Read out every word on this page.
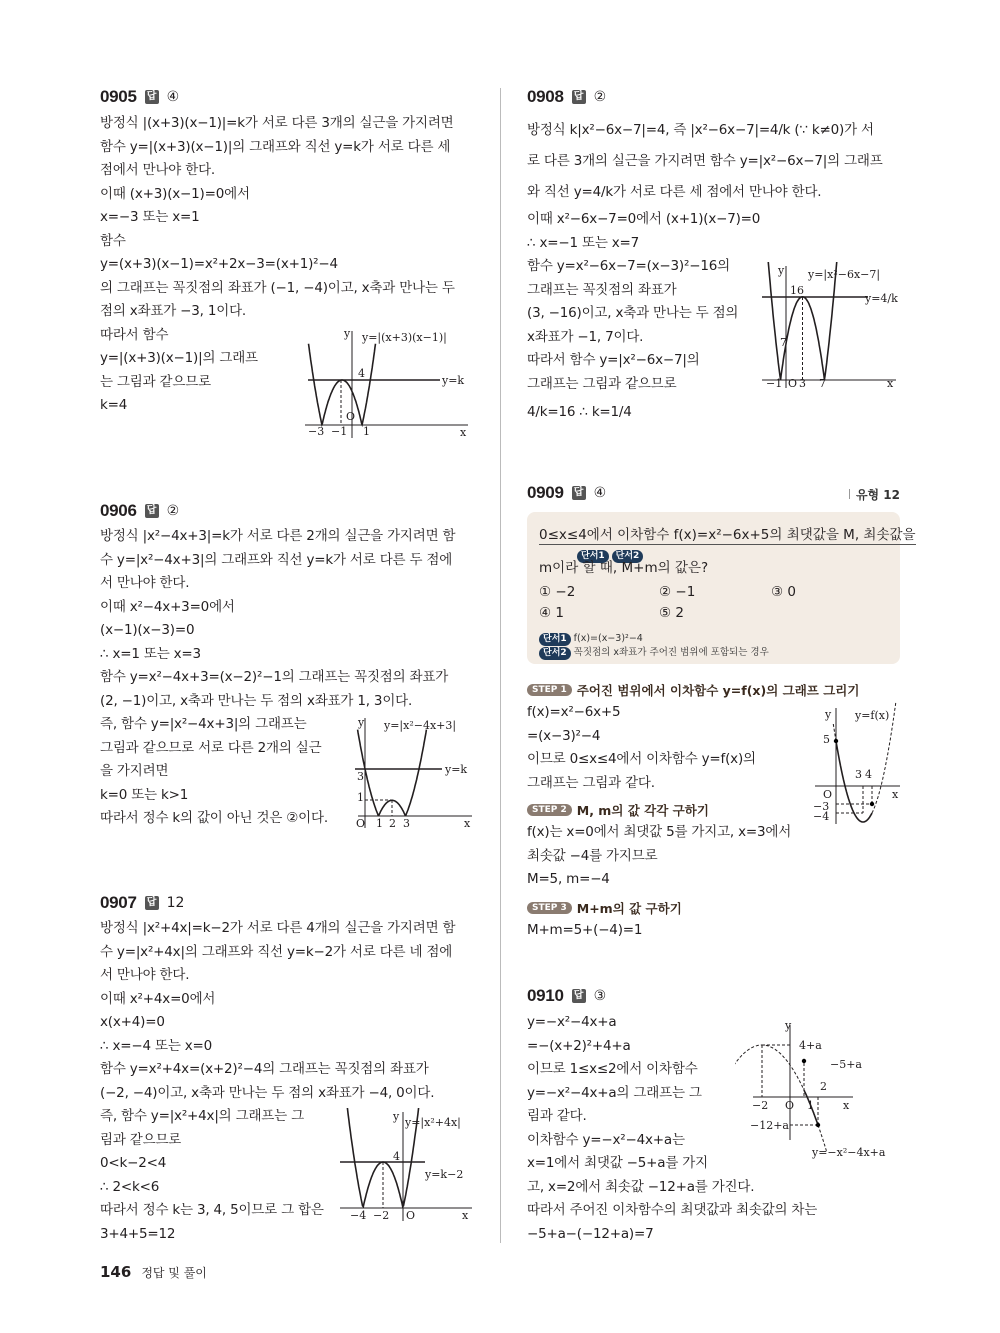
0905 답 ④
방정식 |(x+3)(x−1)|=k가 서로 다른 3개의 실근을 가지려면
함수 y=|(x+3)(x−1)|의 그래프와 직선 y=k가 서로 다른 세
점에서 만나야 한다.
이때 (x+3)(x−1)=0에서
x=−3 또는 x=1
함수
y=(x+3)(x−1)=x²+2x−3=(x+1)²−4
의 그래프는 꼭짓점의 좌표가 (−1, −4)이고, x축과 만나는 두
점의 x좌표가 −3, 1이다.
따라서 함수
y=|(x+3)(x−1)|의 그래프
는 그림과 같으므로
k=4
y y=|(x+3)(x−1)|
y=k
4
O
−3 −1 1	x
0906 답 ②
방정식 |x²−4x+3|=k가 서로 다른 2개의 실근을 가지려면 함
수 y=|x²−4x+3|의 그래프와 직선 y=k가 서로 다른 두 점에
서 만나야 한다.
이때 x²−4x+3=0에서
(x−1)(x−3)=0
∴ x=1 또는 x=3
함수 y=x²−4x+3=(x−2)²−1의 그래프는 꼭짓점의 좌표가
(2, −1)이고, x축과 만나는 두 점의 x좌표가 1, 3이다.
즉, 함수 y=|x²−4x+3|의 그래프는
그림과 같으므로 서로 다른 2개의 실근
을 가지려면
k=0 또는 k>1
따라서 정수 k의 값이 아닌 것은 ②이다.
y y=|x²−4x+3|
y=k
3
1
O 1 2 3	x
0907 답 12
방정식 |x²+4x|=k−2가 서로 다른 4개의 실근을 가지려면 함
수 y=|x²+4x|의 그래프와 직선 y=k−2가 서로 다른 네 점에
서 만나야 한다.
이때 x²+4x=0에서
x(x+4)=0
∴ x=−4 또는 x=0
함수 y=x²+4x=(x+2)²−4의 그래프는 꼭짓점의 좌표가
(−2, −4)이고, x축과 만나는 두 점의 x좌표가 −4, 0이다.
즉, 함수 y=|x²+4x|의 그래프는 그
림과 같으므로
0<k−2<4
∴ 2<k<6
따라서 정수 k는 3, 4, 5이므로 그 합은
3+4+5=12
y y=|x²+4x|
y=k−2
4
O
−4 −2	x
0908 답 ②
방정식 k|x²−6x−7|=4, 즉 |x²−6x−7|=4/k (∵ k≠0)가 서
로 다른 3개의 실근을 가지려면 함수 y=|x²−6x−7|의 그래프
와 직선 y=4/k가 서로 다른 세 점에서 만나야 한다.
이때 x²−6x−7=0에서 (x+1)(x−7)=0
∴ x=−1 또는 x=7
함수 y=x²−6x−7=(x−3)²−16의
그래프는 꼭짓점의 좌표가
(3, −16)이고, x축과 만나는 두 점의
x좌표가 −1, 7이다.
따라서 함수 y=|x²−6x−7|의
그래프는 그림과 같으므로
4/k=16 ∴ k=1/4
y y=|x²−6x−7|
y=4/k
16
7
−1 O 3 7	x
0909 답 ④	유형 12
0≤x≤4에서 이차함수 f(x)=x²−6x+5의 최댓값을 M, 최솟값을
단서1 단서2
m이라 할 때, M+m의 값은?
① −2	② −1	③ 0
④ 1	⑤ 2
단서1 f(x)=(x−3)²−4
단서2 꼭짓점의 x좌표가 주어진 범위에 포함되는 경우
STEP 1 주어진 범위에서 이차함수 y=f(x)의 그래프 그리기
f(x)=x²−6x+5
=(x−3)²−4
이므로 0≤x≤4에서 이차함수 y=f(x)의
그래프는 그림과 같다.
STEP 2 M, m의 값 각각 구하기
f(x)는 x=0에서 최댓값 5를 가지고, x=3에서
최솟값 −4를 가지므로
M=5, m=−4
STEP 3 M+m의 값 구하기
M+m=5+(−4)=1
y y=f(x)
5
3 4
O
−3
−4
x
0910 답 ③
y=−x²−4x+a
=−(x+2)²+4+a
이므로 1≤x≤2에서 이차함수
y=−x²−4x+a의 그래프는 그
림과 같다.
이차함수 y=−x²−4x+a는
x=1에서 최댓값 −5+a를 가지
고, x=2에서 최솟값 −12+a를 가진다.
따라서 주어진 이차함수의 최댓값과 최솟값의 차는
−5+a−(−12+a)=7
y
4+a
−5+a
2
−2 O 1	x
−12+a
y=−x²−4x+a
146 정답 및 풀이
